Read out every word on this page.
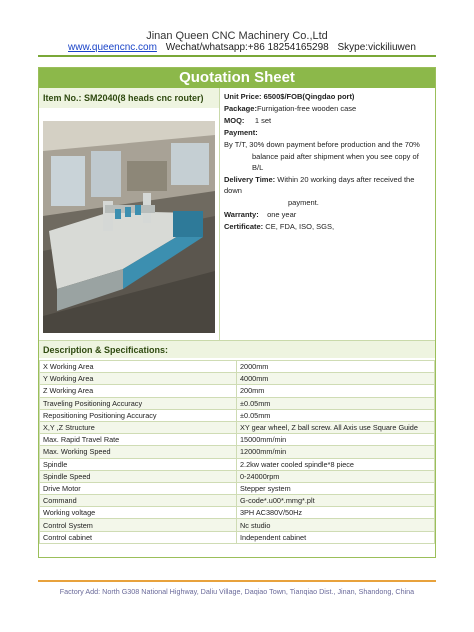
Jinan Queen CNC Machinery Co.,Ltd
www.queencnc.com Wechat/whatsapp:+86 18254165298 Skype:vickiliuwen
Quotation Sheet
Item No.: SM2040(8 heads cnc router)	Unit Price: 6500$/FOB(Qingdao port)
Package:Furnigation-free wooden case
MOQ: 1 set
Payment:
By T/T, 30% down payment before production and the 70%
balance paid after shipment when you see copy of B/L
Delivery Time: Within 20 working days after received the down
payment.
Warranty: one year
Certificate: CE, FDA, ISO, SGS,
Description & Specifications:
X Working Area	2000mm
Y Working Area	4000mm
Z Working Area	200mm
Traveling Positioning Accuracy	±0.05mm
Repositioning Positioning Accuracy	±0.05mm
X,Y ,Z Structure	XY gear wheel, Z ball screw. All Axis use Square Guide
Max. Rapid Travel Rate	15000mm/min
Max. Working Speed	12000mm/min
Spindle	2.2kw water cooled spindle*8 piece
Spindle Speed	0-24000rpm
Drive Motor	Stepper system
Command	G-code*.u00*.mmg*.plt
Working voltage	3PH AC380V/50Hz
Control System	Nc studio
Control cabinet	Independent cabinet
Factory Add: North G308 National Highway, Daliu Village, Daqiao Town, Tianqiao Dist., Jinan, Shandong, China
